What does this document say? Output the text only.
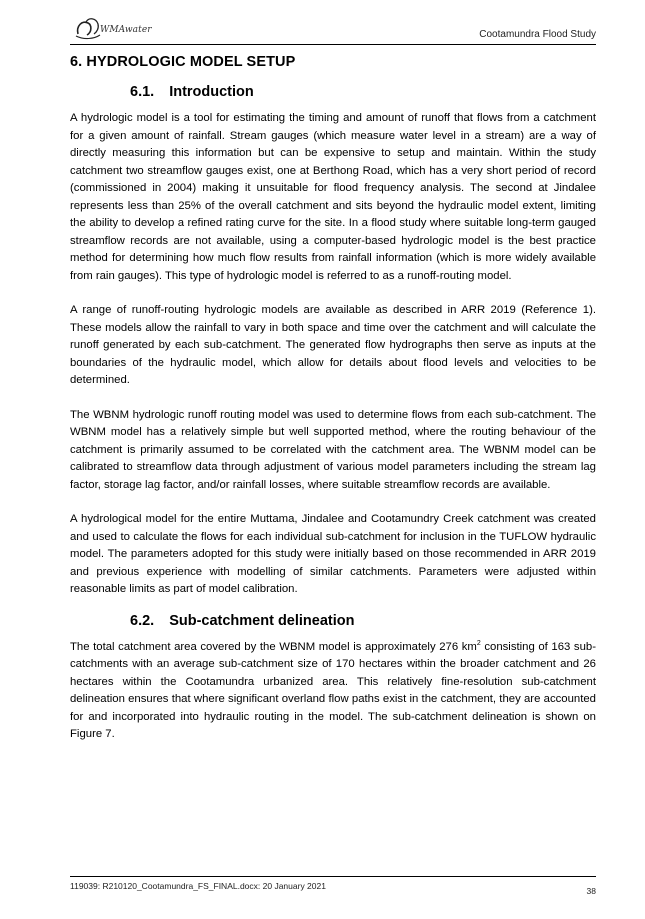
WMAwater	Cootamundra Flood Study
6. HYDROLOGIC MODEL SETUP
6.1. Introduction

A hydrologic model is a tool for estimating the timing and amount of runoff that flows from a catchment for a given amount of rainfall. Stream gauges (which measure water level in a stream) are a way of directly measuring this information but can be expensive to setup and maintain. Within the study catchment two streamflow gauges exist, one at Berthong Road, which has a very short period of record (commissioned in 2004) making it unsuitable for flood frequency analysis. The second at Jindalee represents less than 25% of the overall catchment and sits beyond the hydraulic model extent, limiting the ability to develop a refined rating curve for the site. In a flood study where suitable long-term gauged streamflow records are not available, using a computer-based hydrologic model is the best practice method for determining how much flow results from rainfall information (which is more widely available from rain gauges). This type of hydrologic model is referred to as a runoff-routing model.

A range of runoff-routing hydrologic models are available as described in ARR 2019 (Reference 1). These models allow the rainfall to vary in both space and time over the catchment and will calculate the runoff generated by each sub-catchment. The generated flow hydrographs then serve as inputs at the boundaries of the hydraulic model, which allow for details about flood levels and velocities to be determined.

The WBNM hydrologic runoff routing model was used to determine flows from each sub-catchment. The WBNM model has a relatively simple but well supported method, where the routing behaviour of the catchment is primarily assumed to be correlated with the catchment area. The WBNM model can be calibrated to streamflow data through adjustment of various model parameters including the stream lag factor, storage lag factor, and/or rainfall losses, where suitable streamflow records are available.

A hydrological model for the entire Muttama, Jindalee and Cootamundry Creek catchment was created and used to calculate the flows for each individual sub-catchment for inclusion in the TUFLOW hydraulic model. The parameters adopted for this study were initially based on those recommended in ARR 2019 and previous experience with modelling of similar catchments. Parameters were adjusted within reasonable limits as part of model calibration.

6.2. Sub-catchment delineation

The total catchment area covered by the WBNM model is approximately 276 $km^2$ consisting of 163 sub-catchments with an average sub-catchment size of 170 hectares within the broader catchment and 26 hectares within the Cootamundra urbanized area. This relatively fine-resolution sub-catchment delineation ensures that where significant overland flow paths exist in the catchment, they are accounted for and incorporated into hydraulic routing in the model. The sub-catchment delineation is shown on Figure 7.

119039: R210120_Cootamundra_FS_FINAL.docx: 20 January 2021	38
